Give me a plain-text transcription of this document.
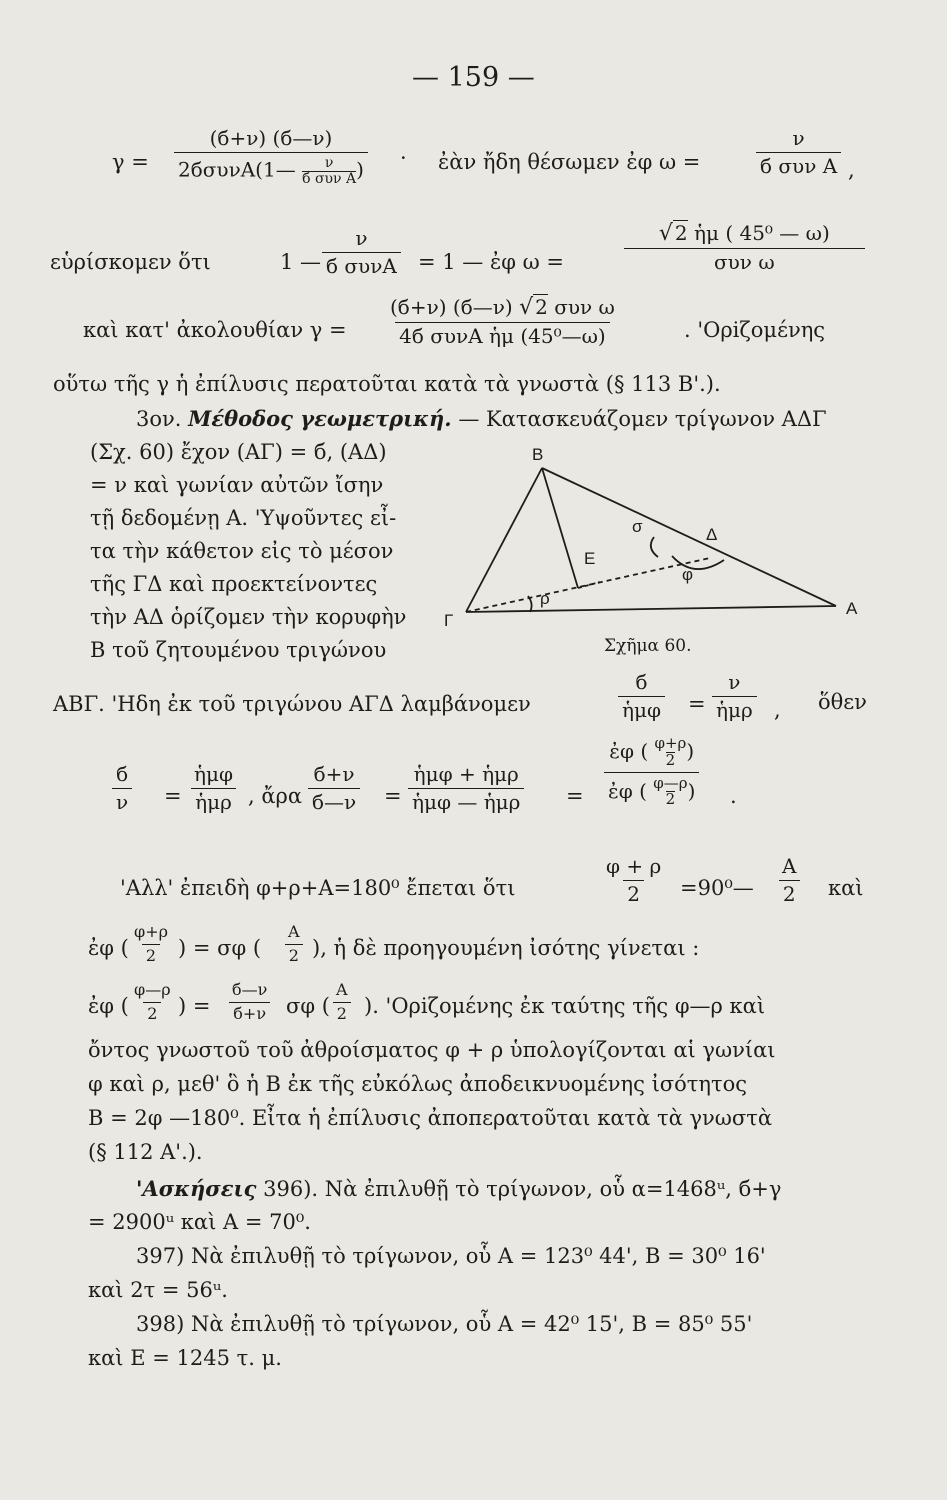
— 159 —
γ =
(б+ν) (б—ν)
2бσυνΑ(1— ν
б συν Α ) · ἐὰν ἤδη θέσωμεν ἐφ ω =
ν
б συν Α ,
εὑρίσκομεν ὅτι	1 —
ν
б συνΑ = 1 — ἐφ ω =
√ 2 ἡμ ( 45⁰ — ω)
συν ω
καὶ κατ' ἀκολουθίαν γ =
(б+ν) (б—ν) √ 2 συν ω
4б συνΑ ἡμ (45⁰—ω)	. 'Ορiζομένης
οὕτω τῆς γ ἡ ἐπίλυσις περατοῦται κατὰ τὰ γνωστὰ (§ 113 Β'.).
3ον. Μέθοδος γεωμετρική. — Κατασκευάζομεν τρίγωνον ΑΔΓ
(Σχ. 60) ἔχον (ΑΓ) = б, (ΑΔ)
= ν καὶ γωνίαν αὐτῶν ἴσην
τῇ δεδομένῃ Α. 'Υψοῦντες εἶ-
τα τὴν κάθετον εἰς τὸ μέσον
τῆς ΓΔ καὶ προεκτείνοντες
τὴν ΑΔ ὁρίζομεν τὴν κορυφὴν
Β τοῦ ζητουμένου τριγώνου
Β
Γ
Α
Δ
Ε
σ
φ
ρ
Σχῆμα 60.
ΑΒΓ. 'Ηδη ἐκ τοῦ τριγώνου ΑΓΔ λαμβάνομεν
б
ἡμφ =
ν
ἡμρ , ὅθεν
б
ν =
ἡμφ
ἡμρ , ἄρα
б+ν
б—ν =
ἡμφ + ἡμρ
ἡμφ — ἡμρ = $\frac{ἐ\varphi ( \frac{\varphi+\rho}{2} )}{ἐ\varphi ( \frac{\varphi—\rho}{2} )}$ .
'Αλλ' ἐπειδὴ φ+ρ+Α=180⁰ ἔπεται ὅτι	$\frac{\varphi + \rho}{2}$ =90⁰— $\frac{A}{2}$ καὶ
ἐφ ( $\frac{\varphi+\rho}{2}$ ) = σφ ( $\frac{A}{2}$ ), ἡ δὲ προηγουμένη ἰσότης γίνεται :
ἐφ ( $\frac{\varphi—\rho}{2}$ ) =
б—ν
б+ν σφ ( $\frac{A}{2}$ ). 'Ορiζομένης ἐκ ταύτης τῆς φ—ρ καὶ
ὄντος γνωστοῦ τοῦ ἀθροίσματος φ + ρ ὑπολογίζονται αἱ γωνίαι
φ καὶ ρ, μεθ' ὃ ἡ Β ἐκ τῆς εὐκόλως ἀποδεικνυομένης ἰσότητος
Β = 2φ —180⁰. Εἶτα ἡ ἐπίλυσις ἀποπερατοῦται κατὰ τὰ γνωστὰ
(§ 112 Α'.).
'Ασκήσεις 396). Νὰ ἐπιλυθῇ τὸ τρίγωνον, οὗ α=1468ᵘ, б+γ
= 2900ᵘ καὶ Α = 70⁰.
397) Νὰ ἐπιλυθῇ τὸ τρίγωνον, οὗ Α = 123⁰ 44', Β = 30⁰ 16'
καὶ 2τ = 56ᵘ.
398) Νὰ ἐπιλυθῇ τὸ τρίγωνον, οὗ Α = 42⁰ 15', Β = 85⁰ 55'
καὶ Ε = 1245 τ. μ.
